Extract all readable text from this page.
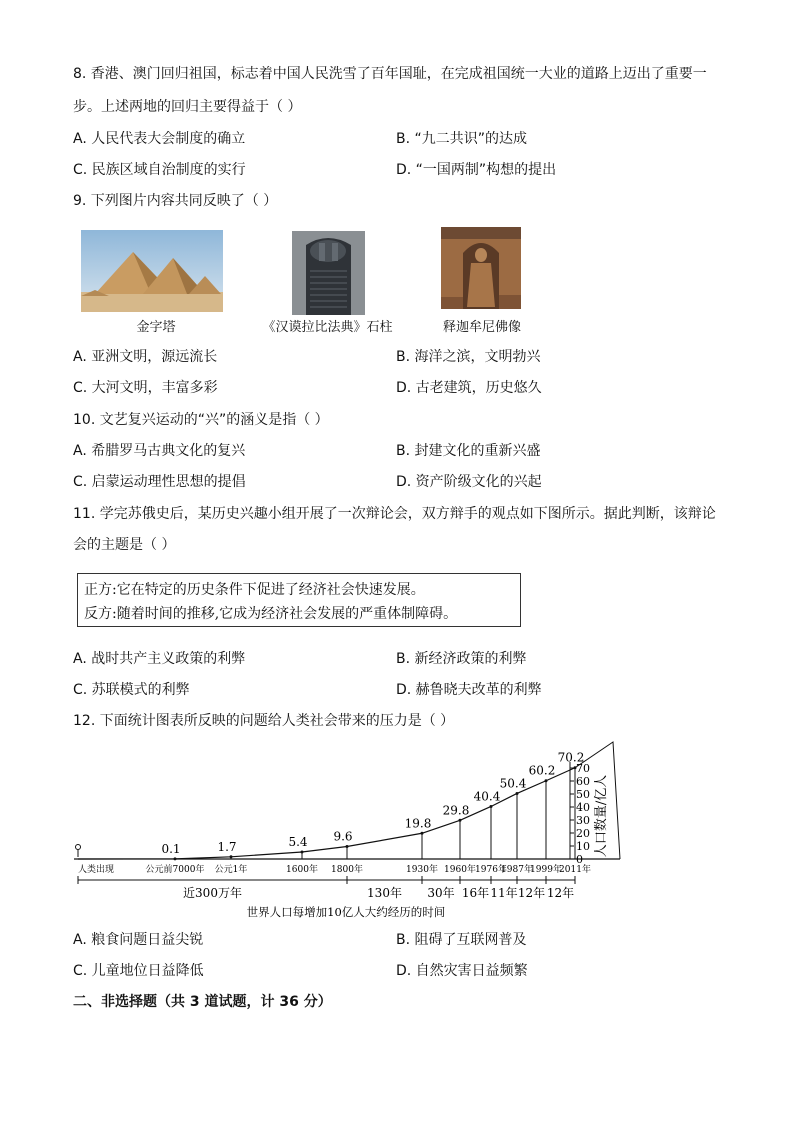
8. 香港、澳门回归祖国，标志着中国人民洗雪了百年国耻，在完成祖国统一大业的道路上迈出了重要一
步。上述两地的回归主要得益于（ ）
A. 人民代表大会制度的确立	B. “九二共识”的达成
C. 民族区域自治制度的实行	D. “一国两制”构想的提出
9. 下列图片内容共同反映了（ ）
金字塔	《汉谟拉比法典》石柱	释迦牟尼佛像
A. 亚洲文明，源远流长	B. 海洋之滨，文明勃兴
C. 大河文明，丰富多彩	D. 古老建筑，历史悠久
10. 文艺复兴运动的“兴”的涵义是指（ ）
A. 希腊罗马古典文化的复兴	B. 封建文化的重新兴盛
C. 启蒙运动理性思想的提倡	D. 资产阶级文化的兴起
11. 学完苏俄史后，某历史兴趣小组开展了一次辩论会，双方辩手的观点如下图所示。据此判断，该辩论
会的主题是（ ）
正方:它在特定的历史条件下促进了经济社会快速发展。
反方:随着时间的推移,它成为经济社会发展的严重体制障碍。
A. 战时共产主义政策的利弊	B. 新经济政策的利弊
C. 苏联模式的利弊	D. 赫鲁晓夫改革的利弊
12. 下面统计图表所反映的问题给人类社会带来的压力是（ ）
0.1	1.7	5.4 9.6
19.8
29.8
40.4
50.4
60.2
70.2
0
10
20
30
40
50
60
70
人口数量/亿人
人类出现	公元前7000年 公元1年	1600年 1800年	1930年 1960年 1976年
1987年
1999年
2011年
近300万年	130年 30年 16年 11年 12年 12年
世界人口每增加10亿人大约经历的时间
A. 粮食问题日益尖锐	B. 阻碍了互联网普及
C. 儿童地位日益降低	D. 自然灾害日益频繁
二、非选择题（共 3 道试题，计 36 分）
